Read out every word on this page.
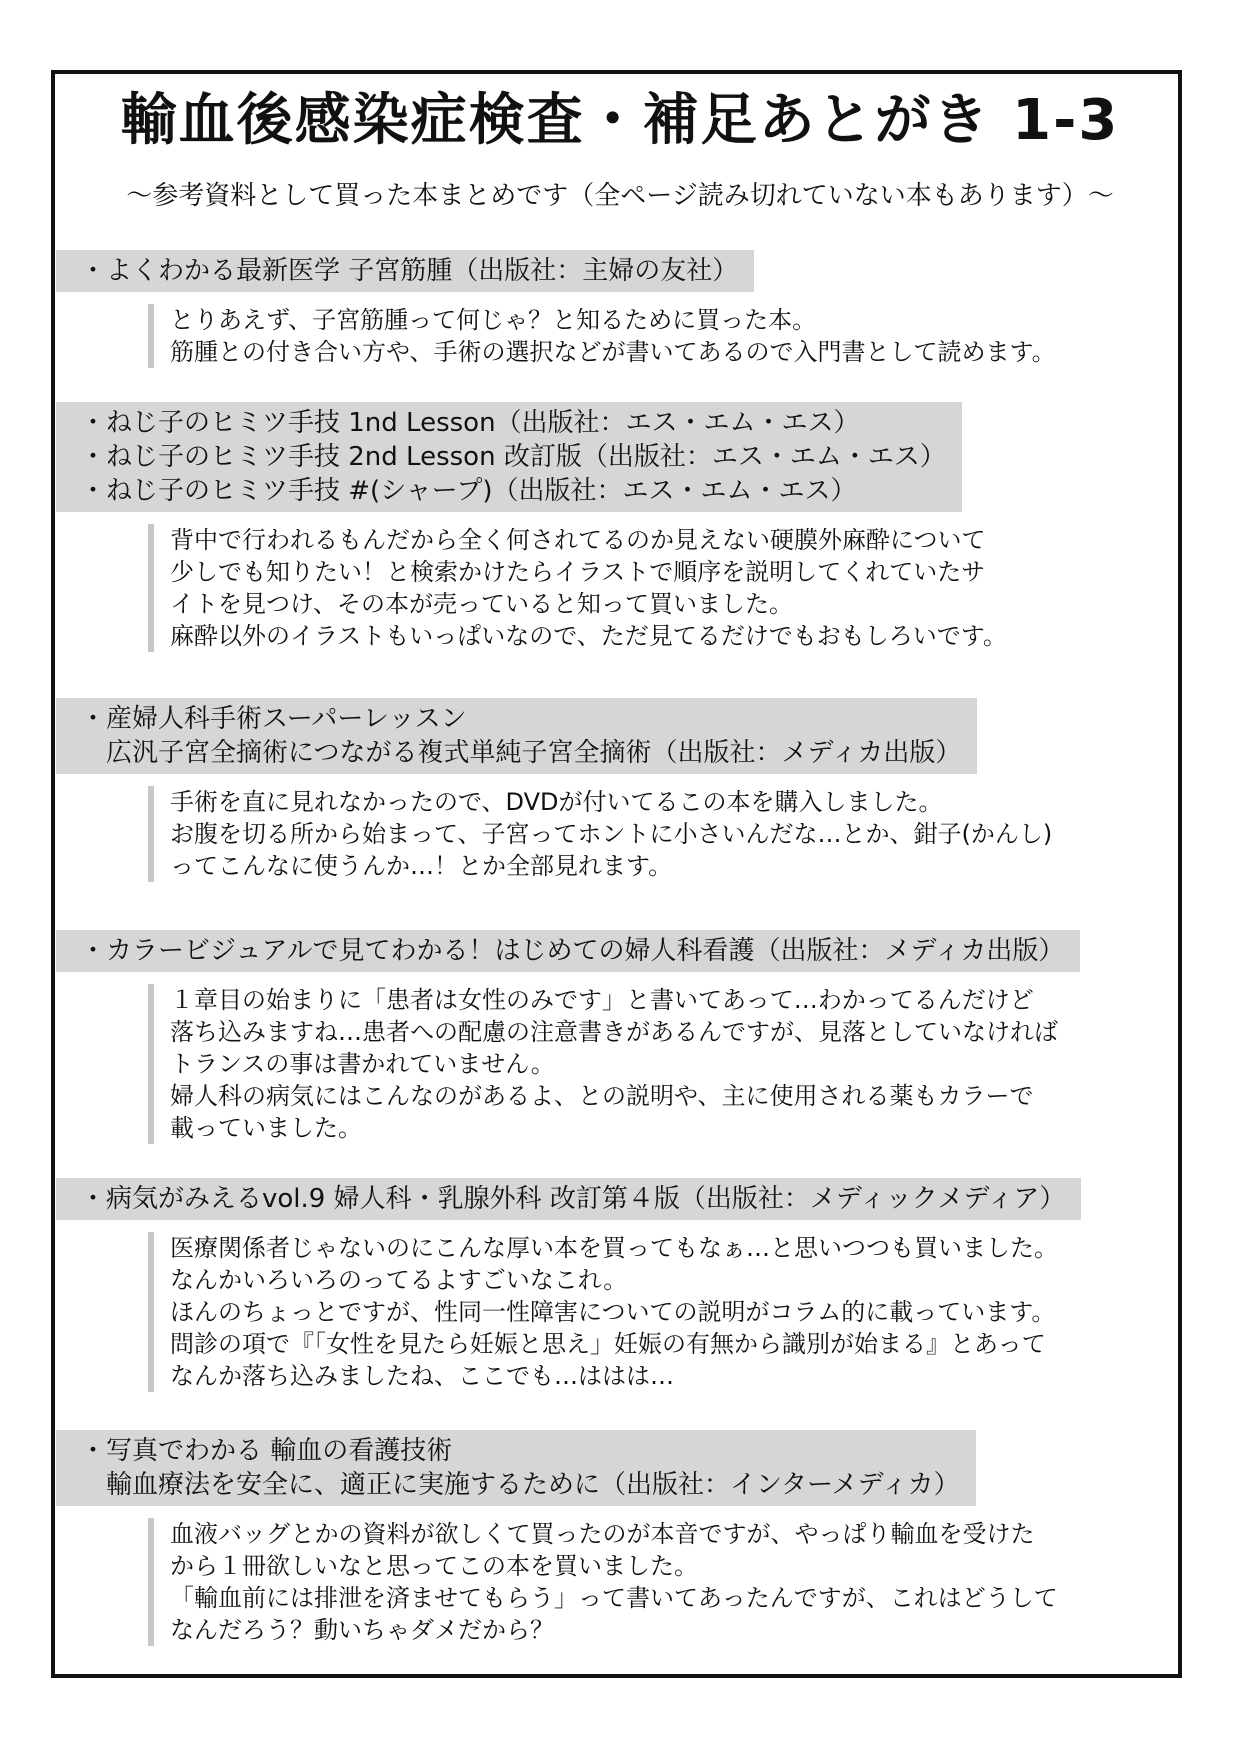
輸血後感染症検査・補足あとがき 1-3
～参考資料として買った本まとめです（全ページ読み切れていない本もあります）～
・よくわかる最新医学 子宮筋腫（出版社：主婦の友社）
とりあえず、子宮筋腫って何じゃ？と知るために買った本。
筋腫との付き合い方や、手術の選択などが書いてあるので入門書として読めます。
・ねじ子のヒミツ手技 1nd Lesson（出版社：エス・エム・エス）
・ねじ子のヒミツ手技 2nd Lesson 改訂版（出版社：エス・エム・エス）
・ねじ子のヒミツ手技 #(シャープ)（出版社：エス・エム・エス）
背中で行われるもんだから全く何されてるのか見えない硬膜外麻酔について
少しでも知りたい！と検索かけたらイラストで順序を説明してくれていたサ
イトを見つけ、その本が売っていると知って買いました。
麻酔以外のイラストもいっぱいなので、ただ見てるだけでもおもしろいです。
・産婦人科手術スーパーレッスン
　広汎子宮全摘術につながる複式単純子宮全摘術（出版社：メディカ出版）
手術を直に見れなかったので、DVDが付いてるこの本を購入しました。
お腹を切る所から始まって、子宮ってホントに小さいんだな…とか、鉗子(かんし)
ってこんなに使うんか…！とか全部見れます。
・カラービジュアルで見てわかる！はじめての婦人科看護（出版社：メディカ出版）
１章目の始まりに「患者は女性のみです」と書いてあって…わかってるんだけど
落ち込みますね…患者への配慮の注意書きがあるんですが、見落としていなければ
トランスの事は書かれていません。
婦人科の病気にはこんなのがあるよ、との説明や、主に使用される薬もカラーで
載っていました。
・病気がみえるvol.9 婦人科・乳腺外科 改訂第４版（出版社：メディックメディア）
医療関係者じゃないのにこんな厚い本を買ってもなぁ…と思いつつも買いました。
なんかいろいろのってるよすごいなこれ。
ほんのちょっとですが、性同一性障害についての説明がコラム的に載っています。
問診の項で『「女性を見たら妊娠と思え」妊娠の有無から識別が始まる』とあって
なんか落ち込みましたね、ここでも…ははは…
・写真でわかる 輸血の看護技術
　輸血療法を安全に、適正に実施するために（出版社：インターメディカ）
血液バッグとかの資料が欲しくて買ったのが本音ですが、やっぱり輸血を受けた
から１冊欲しいなと思ってこの本を買いました。
「輸血前には排泄を済ませてもらう」って書いてあったんですが、これはどうして
なんだろう？動いちゃダメだから？
